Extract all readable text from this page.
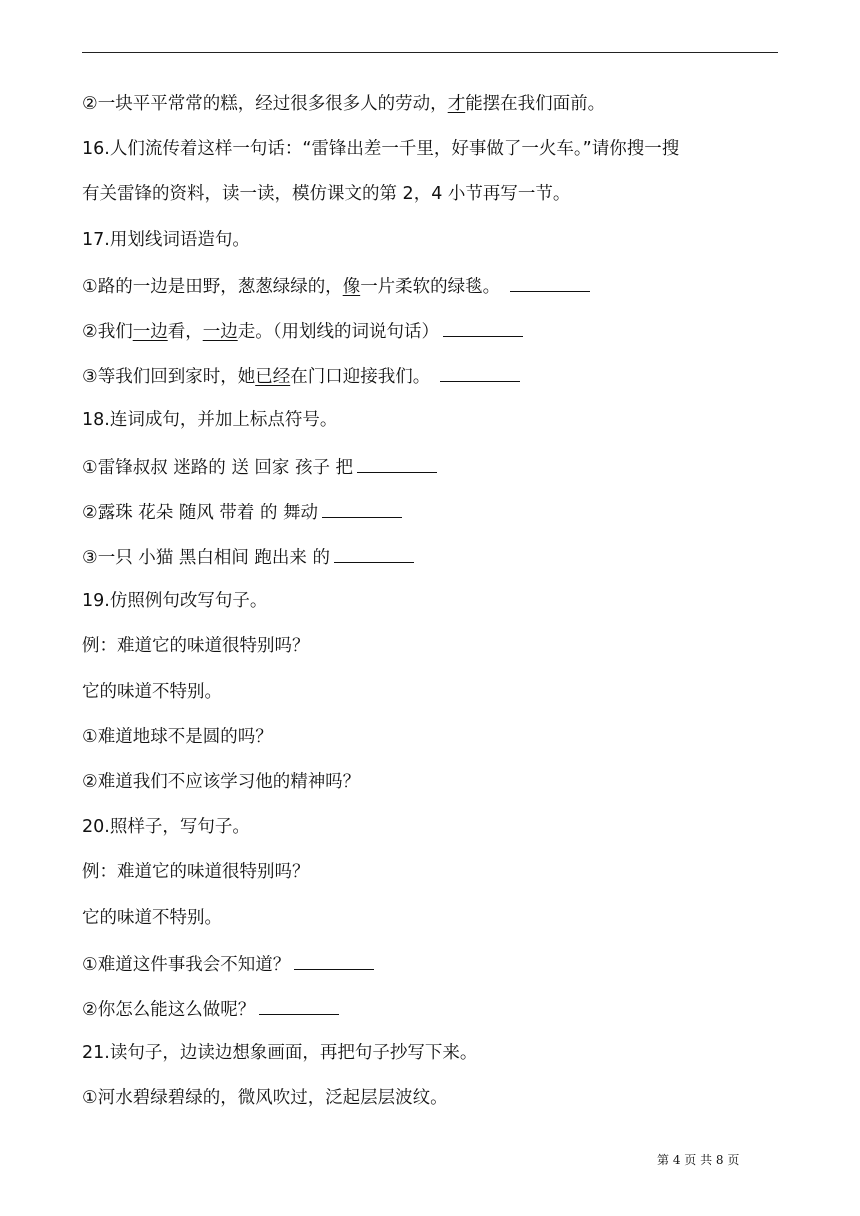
②一块平平常常的糕，经过很多很多人的劳动，才能摆在我们面前。
16.人们流传着这样一句话：“雷锋出差一千里，好事做了一火车。”请你搜一搜
有关雷锋的资料，读一读，模仿课文的第 2，4 小节再写一节。
17.用划线词语造句。
①路的一边是田野，葱葱绿绿的，像一片柔软的绿毯。
②我们一边看，一边走。（用划线的词说句话）
③等我们回到家时，她已经在门口迎接我们。
18.连词成句，并加上标点符号。
①雷锋叔叔 迷路的 送 回家 孩子 把
②露珠 花朵 随风 带着 的 舞动
③一只 小猫 黑白相间 跑出来 的
19.仿照例句改写句子。
例：难道它的味道很特别吗？
它的味道不特别。
①难道地球不是圆的吗？
②难道我们不应该学习他的精神吗？
20.照样子，写句子。
例：难道它的味道很特别吗？
它的味道不特别。
①难道这件事我会不知道？
②你怎么能这么做呢？
21.读句子，边读边想象画面，再把句子抄写下来。
①河水碧绿碧绿的，微风吹过，泛起层层波纹。
第 4 页 共 8 页
